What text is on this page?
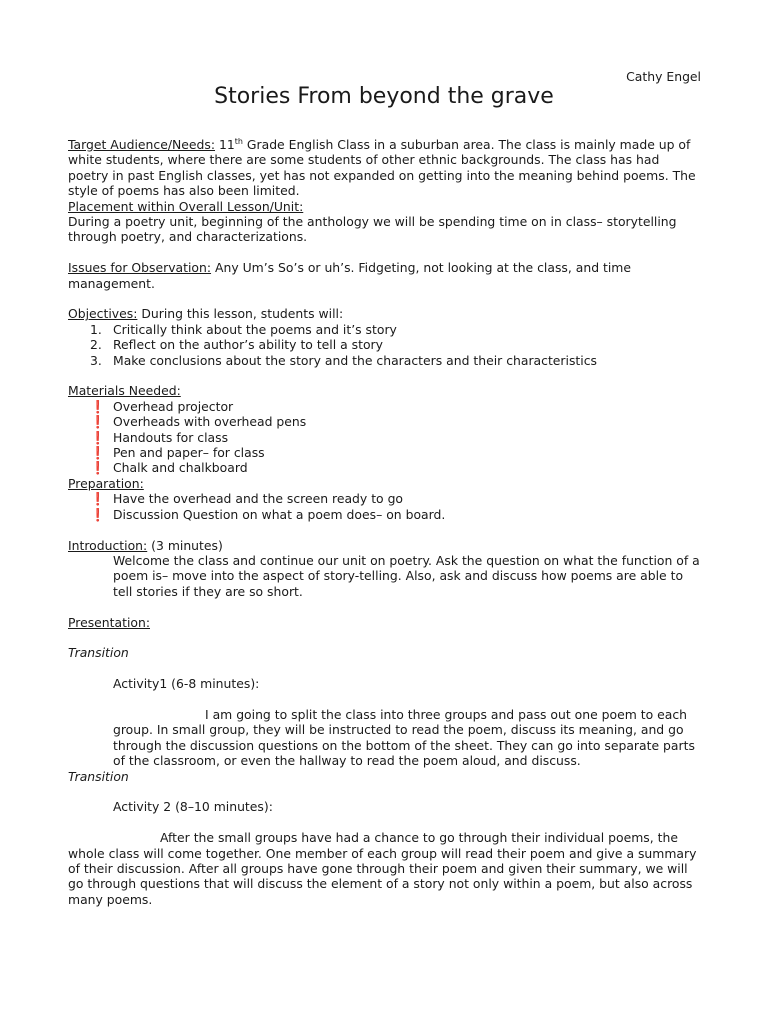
Cathy Engel
Stories From beyond the grave

Target Audience/Needs: 11th Grade English Class in a suburban area. The class is mainly made up of white students, where there are some students of other ethnic backgrounds. The class has had poetry in past English classes, yet has not expanded on getting into the meaning behind poems. The style of poems has also been limited.

Placement within Overall Lesson/Unit:

During a poetry unit, beginning of the anthology we will be spending time on in class– storytelling through poetry, and characterizations.

Issues for Observation: Any Um’s So’s or uh’s. Fidgeting, not looking at the class, and time management.

Objectives: During this lesson, students will:

1. Critically think about the poems and it’s story
2. Reflect on the author’s ability to tell a story
3. Make conclusions about the story and the characters and their characteristics

Materials Needed:

❗ Overhead projector
❗ Overheads with overhead pens
❗ Handouts for class
❗ Pen and paper– for class
❗ Chalk and chalkboard

Preparation:

❗ Have the overhead and the screen ready to go
❗ Discussion Question on what a poem does– on board.

Introduction: (3 minutes)

Welcome the class and continue our unit on poetry. Ask the question on what the function of a poem is– move into the aspect of story-telling. Also, ask and discuss how poems are able to tell stories if they are so short.

Presentation:

Transition

Activity1 (6-8 minutes):

I am going to split the class into three groups and pass out one poem to each group. In small group, they will be instructed to read the poem, discuss its meaning, and go through the discussion questions on the bottom of the sheet. They can go into separate parts of the classroom, or even the hallway to read the poem aloud, and discuss.

Transition

Activity 2 (8–10 minutes):

After the small groups have had a chance to go through their individual poems, the whole class will come together. One member of each group will read their poem and give a summary of their discussion. After all groups have gone through their poem and given their summary, we will go through questions that will discuss the element of a story not only within a poem, but also across many poems.
